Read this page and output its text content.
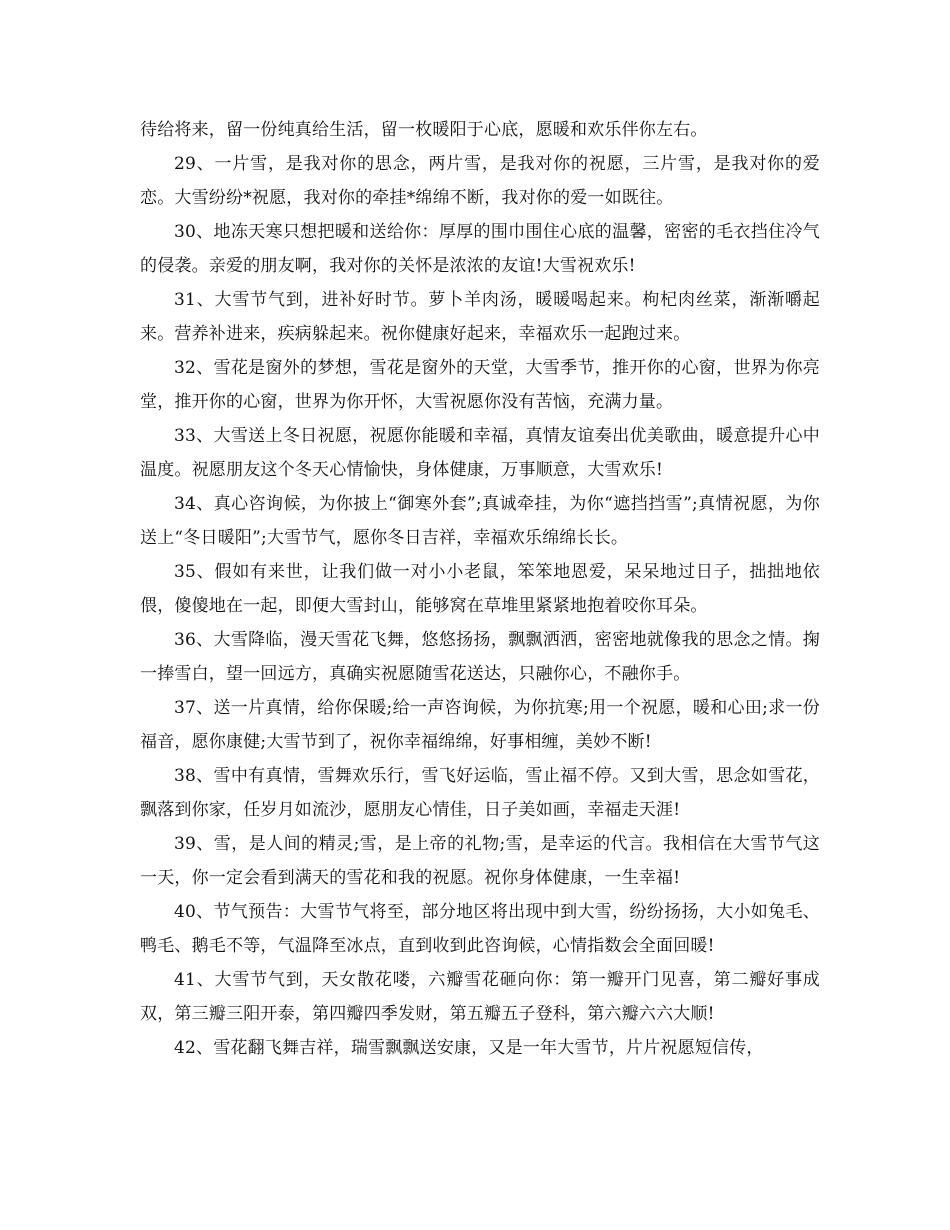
待给将来，留一份纯真给生活，留一枚暖阳于心底，愿暖和欢乐伴你左右。

29、一片雪，是我对你的思念，两片雪，是我对你的祝愿，三片雪，是我对你的爱恋。大雪纷纷*祝愿，我对你的牵挂*绵绵不断，我对你的爱一如既往。

30、地冻天寒只想把暖和送给你：厚厚的围巾围住心底的温馨，密密的毛衣挡住冷气的侵袭。亲爱的朋友啊，我对你的关怀是浓浓的友谊!大雪祝欢乐!

31、大雪节气到，进补好时节。萝卜羊肉汤，暖暖喝起来。枸杞肉丝菜，渐渐嚼起来。营养补进来，疾病躲起来。祝你健康好起来，幸福欢乐一起跑过来。

32、雪花是窗外的梦想，雪花是窗外的天堂，大雪季节，推开你的心窗，世界为你亮堂，推开你的心窗，世界为你开怀，大雪祝愿你没有苦恼，充满力量。

33、大雪送上冬日祝愿，祝愿你能暖和幸福，真情友谊奏出优美歌曲，暖意提升心中温度。祝愿朋友这个冬天心情愉快，身体健康，万事顺意，大雪欢乐!

34、真心咨询候，为你披上“御寒外套”;真诚牵挂，为你“遮挡挡雪”;真情祝愿，为你送上“冬日暖阳”;大雪节气，愿你冬日吉祥，幸福欢乐绵绵长长。

35、假如有来世，让我们做一对小小老鼠，笨笨地恩爱，呆呆地过日子，拙拙地依偎，傻傻地在一起，即便大雪封山，能够窝在草堆里紧紧地抱着咬你耳朵。

36、大雪降临，漫天雪花飞舞，悠悠扬扬，飘飘洒洒，密密地就像我的思念之情。掬一捧雪白，望一回远方，真确实祝愿随雪花送达，只融你心，不融你手。

37、送一片真情，给你保暖;给一声咨询候，为你抗寒;用一个祝愿，暖和心田;求一份福音，愿你康健;大雪节到了，祝你幸福绵绵，好事相缠，美妙不断!

38、雪中有真情，雪舞欢乐行，雪飞好运临，雪止福不停。又到大雪，思念如雪花，飘落到你家，任岁月如流沙，愿朋友心情佳，日子美如画，幸福走天涯!

39、雪，是人间的精灵;雪，是上帝的礼物;雪，是幸运的代言。我相信在大雪节气这一天，你一定会看到满天的雪花和我的祝愿。祝你身体健康，一生幸福!

40、节气预告：大雪节气将至，部分地区将出现中到大雪，纷纷扬扬，大小如兔毛、鸭毛、鹅毛不等，气温降至冰点，直到收到此咨询候，心情指数会全面回暖!

41、大雪节气到，天女散花喽，六瓣雪花砸向你：第一瓣开门见喜，第二瓣好事成双，第三瓣三阳开泰，第四瓣四季发财，第五瓣五子登科，第六瓣六六大顺!

42、雪花翻飞舞吉祥，瑞雪飘飘送安康，又是一年大雪节，片片祝愿短信传，
